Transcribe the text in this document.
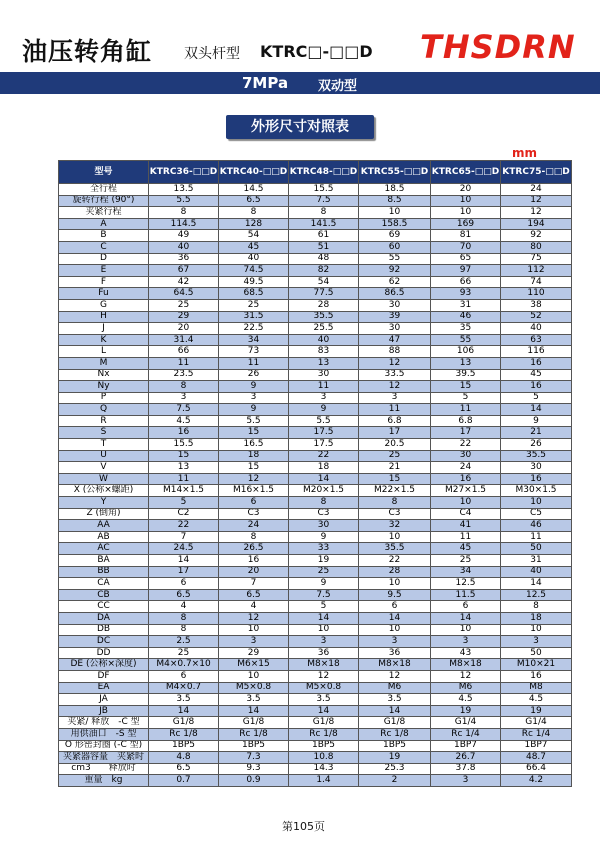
油压转角缸 双头杆型 KTRC□-□□D THSDRN
7MPa 双动型
外形尺寸对照表
mm
型号	KTRC36-□□D	KTRC40-□□D	KTRC48-□□D	KTRC55-□□D	KTRC65-□□D	KTRC75-□□D
全行程	13.5	14.5	15.5	18.5	20	24
旋转行程 (90°)	5.5	6.5	7.5	8.5	10	12
夹紧行程	8	8	8	10	10	12
A	114.5	128	141.5	158.5	169	194
B	49	54	61	69	81	92
C	40	45	51	60	70	80
D	36	40	48	55	65	75
E	67	74.5	82	92	97	112
F	42	49.5	54	62	66	74
Fu	64.5	68.5	77.5	86.5	93	110
G	25	25	28	30	31	38
H	29	31.5	35.5	39	46	52
J	20	22.5	25.5	30	35	40
K	31.4	34	40	47	55	63
L	66	73	83	88	106	116
M	11	11	13	12	13	16
Nx	23.5	26	30	33.5	39.5	45
Ny	8	9	11	12	15	16
P	3	3	3	3	5	5
Q	7.5	9	9	11	11	14
R	4.5	5.5	5.5	6.8	6.8	9
S	16	15	17.5	17	17	21
T	15.5	16.5	17.5	20.5	22	26
U	15	18	22	25	30	35.5
V	13	15	18	21	24	30
W	11	12	14	15	16	16
X (公称×螺距)	M14×1.5	M16×1.5	M20×1.5	M22×1.5	M27×1.5	M30×1.5
Y	5	6	8	8	10	10
Z (倒角)	C2	C3	C3	C3	C4	C5
AA	22	24	30	32	41	46
AB	7	8	9	10	11	11
AC	24.5	26.5	33	35.5	45	50
BA	14	16	19	22	25	31
BB	17	20	25	28	34	40
CA	6	7	9	10	12.5	14
CB	6.5	6.5	7.5	9.5	11.5	12.5
CC	4	4	5	6	6	8
DA	8	12	14	14	14	18
DB	8	10	10	10	10	10
DC	2.5	3	3	3	3	3
DD	25	29	36	36	43	50
DE (公称×深度)	M4×0.7×10	M6×15	M8×18	M8×18	M8×18	M10×21
DF	6	10	12	12	12	16
EA	M4×0.7	M5×0.8	M5×0.8	M6	M6	M8
JA	3.5	3.5	3.5	3.5	4.5	4.5
JB	14	14	14	14	19	19
夹紧/ 释放　-C 型	G1/8	G1/8	G1/8	G1/8	G1/4	G1/4
用供油口　-S 型	Rc 1/8	Rc 1/8	Rc 1/8	Rc 1/8	Rc 1/4	Rc 1/4
O 形密封圈 (-C 型)	1BP5	1BP5	1BP5	1BP5	1BP7	1BP7
夹紧器容量　夹紧时	4.8	7.3	10.8	19	26.7	48.7
cm3　　释放时	6.5	9.3	14.3	25.3	37.8	66.4
重量　kg	0.7	0.9	1.4	2	3	4.2
第105页
